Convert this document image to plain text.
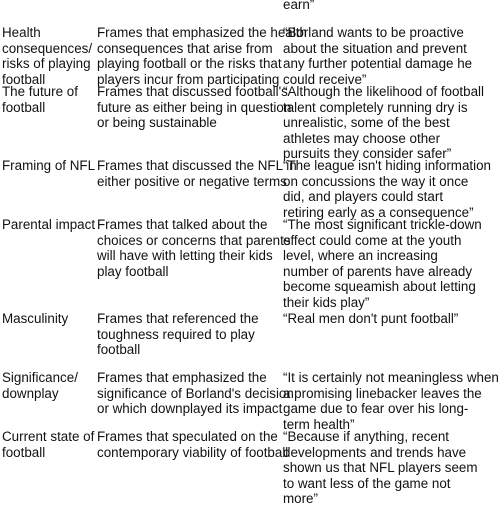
earn”
Health
consequences/
risks of playing
football
Frames that emphasized the health
consequences that arise from
playing football or the risks that
players incur from participating
“Borland wants to be proactive
about the situation and prevent
any further potential damage he
could receive”
The future of
football
Frames that discussed football's
future as either being in question
or being sustainable
“Although the likelihood of football
talent completely running dry is
unrealistic, some of the best
athletes may choose other
pursuits they consider safer”
Framing of NFL Frames that discussed the NFL in
either positive or negative terms
“The league isn't hiding information
on concussions the way it once
did, and players could start
retiring early as a consequence”
Parental impact Frames that talked about the
choices or concerns that parents
will have with letting their kids
play football
“The most significant trickle-down
effect could come at the youth
level, where an increasing
number of parents have already
become squeamish about letting
their kids play”
Masculinity Frames that referenced the
toughness required to play
football
“Real men don't punt football”
Significance/
downplay
Frames that emphasized the
significance of Borland's decision
or which downplayed its impact
“It is certainly not meaningless when
a promising linebacker leaves the
game due to fear over his long-
term health”
Current state of
football
Frames that speculated on the
contemporary viability of football
“Because if anything, recent
developments and trends have
shown us that NFL players seem
to want less of the game not
more”
